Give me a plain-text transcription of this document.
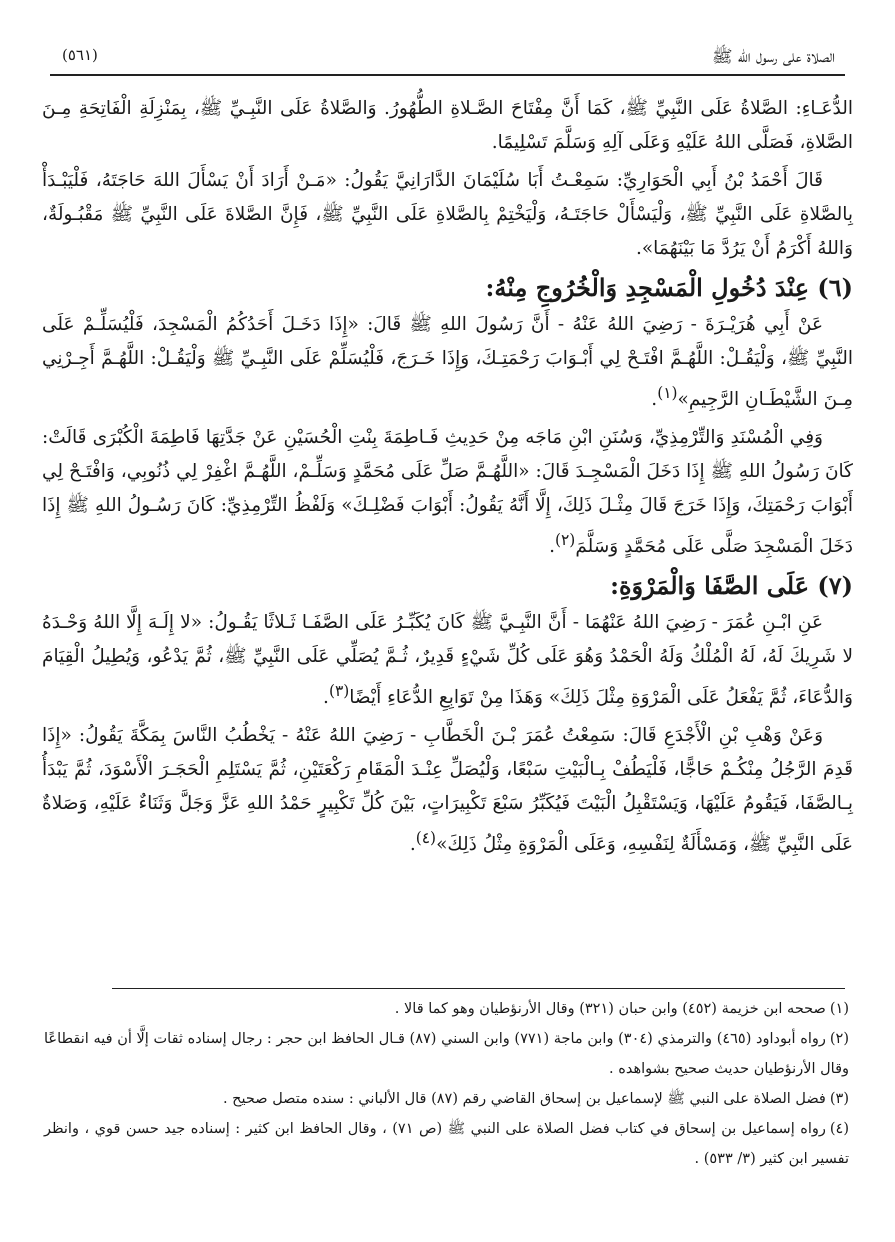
الصلاة على رسول الله ﷺ
(٥٦١)

الدُّعَـاءِ: الصَّلاةُ عَلَى النَّبِيِّ ﷺ، كَمَا أَنَّ مِفْتَاحَ الصَّـلاةِ الطُّهُورُ. وَالصَّلاةُ عَلَى النَّبِـيِّ ﷺ، بِمَنْزِلَةِ الْفَاتِحَةِ مِـنَ الصَّلاةِ، فَصَلَّى اللهُ عَلَيْهِ وَعَلَى آلِهِ وَسَلَّمَ تَسْلِيمًا.

قَالَ أَحْمَدُ بْنُ أَبِي الْحَوَارِيِّ: سَمِعْـتُ أَبَا سُلَيْمَانَ الدَّارَانِيَّ يَقُولُ: «مَـنْ أَرَادَ أَنْ يَسْأَلَ اللهَ حَاجَتَهُ، فَلْيَبْـدَأْ بِالصَّلاةِ عَلَى النَّبِيِّ ﷺ، وَلْيَسْأَلْ حَاجَتَـهُ، وَلْيَخْتِمْ بِالصَّلاةِ عَلَى النَّبِيِّ ﷺ، فَإِنَّ الصَّلاةَ عَلَى النَّبِيِّ ﷺ مَقْبُـولَةٌ، وَاللهُ أَكْرَمُ أَنْ يَرُدَّ مَا بَيْنَهُمَا».

(٦) عِنْدَ دُخُولِ الْمَسْجِدِ وَالْخُرُوجِ مِنْهُ:

عَنْ أَبِي هُرَيْـرَةَ - رَضِيَ اللهُ عَنْهُ - أَنَّ رَسُولَ اللهِ ﷺ قَالَ: «إِذَا دَخَـلَ أَحَدُكُمُ الْمَسْجِدَ، فَلْيُسَلِّـمْ عَلَى النَّبِيِّ ﷺ، وَلْيَقُـلْ: اللَّهُـمَّ افْتَـحْ لِي أَبْـوَابَ رَحْمَتِـكَ، وَإِذَا خَـرَجَ، فَلْيُسَلِّمْ عَلَى النَّبِـيِّ ﷺ وَلْيَقُـلْ: اللَّهُـمَّ أَجِـرْنِي مِـنَ الشَّيْطَـانِ الرَّجِيمِ»$^{(١)}$.

وَفِي الْمُسْنَدِ وَالتِّرْمِذِيِّ، وَسُنَنِ ابْنِ مَاجَه مِنْ حَدِيثِ فَـاطِمَةَ بِنْتِ الْحُسَيْنِ عَنْ جَدَّتِهَا فَاطِمَةَ الْكُبْرَى قَالَتْ: كَانَ رَسُولُ اللهِ ﷺ إِذَا دَخَلَ الْمَسْجِـدَ قَالَ: «اللَّهُـمَّ صَلِّ عَلَى مُحَمَّدٍ وَسَلِّـمْ، اللَّهُـمَّ اغْفِرْ لِي ذُنُوبِي، وَافْتَـحْ لِي أَبْوَابَ رَحْمَتِكَ، وَإِذَا خَرَجَ قَالَ مِثْـلَ ذَلِكَ، إِلَّا أَنَّهُ يَقُولُ: أَبْوَابَ فَضْلِـكَ» وَلَفْظُ التِّرْمِذِيِّ: كَانَ رَسُـولُ اللهِ ﷺ إِذَا دَخَلَ الْمَسْجِدَ صَلَّى عَلَى مُحَمَّدٍ وَسَلَّمَ$^{(٢)}$.

(٧) عَلَى الصَّفَا وَالْمَرْوَةِ:

عَنِ ابْـنِ عُمَرَ - رَضِيَ اللهُ عَنْهُمَا - أَنَّ النَّبِـيَّ ﷺ كَانَ يُكَبِّـرُ عَلَى الصَّفَـا ثَـلاثًا يَقُـولُ: «لا إِلَـهَ إِلَّا اللهُ وَحْـدَهُ لا شَرِيكَ لَهُ، لَهُ الْمُلْكُ وَلَهُ الْحَمْدُ وَهُوَ عَلَى كُلِّ شَيْءٍ قَدِيرٌ، ثُـمَّ يُصَلِّي عَلَى النَّبِيِّ ﷺ، ثُمَّ يَدْعُو، وَيُطِيلُ الْقِيَامَ وَالدُّعَاءَ، ثُمَّ يَفْعَلُ عَلَى الْمَرْوَةِ مِثْلَ ذَلِكَ» وَهَذَا مِنْ تَوَابِعِ الدُّعَاءِ أَيْضًا$^{(٣)}$.

وَعَنْ وَهْبِ بْنِ الْأَجْدَعِ قَالَ: سَمِعْتُ عُمَرَ بْـنَ الْخَطَّابِ - رَضِيَ اللهُ عَنْهُ - يَخْطُبُ النَّاسَ بِمَكَّةَ يَقُولُ: «إِذَا قَدِمَ الرَّجُلُ مِنْكُـمْ حَاجًّا، فَلْيَطُفْ بِـالْبَيْتِ سَبْعًا، وَلْيُصَلِّ عِنْـدَ الْمَقَامِ رَكْعَتَيْنِ، ثُمَّ يَسْتَلِمِ الْحَجَـرَ الْأَسْوَدَ، ثُمَّ يَبْدَأُ بِـالصَّفَا، فَيَقُومُ عَلَيْهَا، وَيَسْتَقْبِلُ الْبَيْتَ فَيُكَبِّرُ سَبْعَ تَكْبِيرَاتٍ، بَيْنَ كُلِّ تَكْبِيرٍ حَمْدُ اللهِ عَزَّ وَجَلَّ وَثَنَاءٌ عَلَيْهِ، وَصَلاةٌ عَلَى النَّبِيِّ ﷺ، وَمَسْأَلَةٌ لِنَفْسِهِ، وَعَلَى الْمَرْوَةِ مِثْلُ ذَلِكَ»$^{(٤)}$.

(١)صححه ابن خزيمة (٤٥٢) وابن حبان (٣٢١) وقال الأرنؤطيان وهو كما قالا .

(٢)رواه أبوداود (٤٦٥) والترمذي (٣٠٤) وابن ماجة (٧٧١) وابن السني (٨٧) قـال الحافظ ابن حجر : رجال إسناده ثقات إلَّا أن فيه انقطاعًا وقال الأرنؤطيان حديث صحيح بشواهده .

(٣)فضل الصلاة على النبي ﷺ لإسماعيل بن إسحاق القاضي رقم (٨٧) قال الألباني : سنده متصل صحيح .

(٤)رواه إسماعيل بن إسحاق في كتاب فضل الصلاة على النبي ﷺ (ص ٧١) ، وقال الحافظ ابن كثير : إسناده جيد حسن قوي ، وانظر تفسير ابن كثير (٣/ ٥٣٣) .
